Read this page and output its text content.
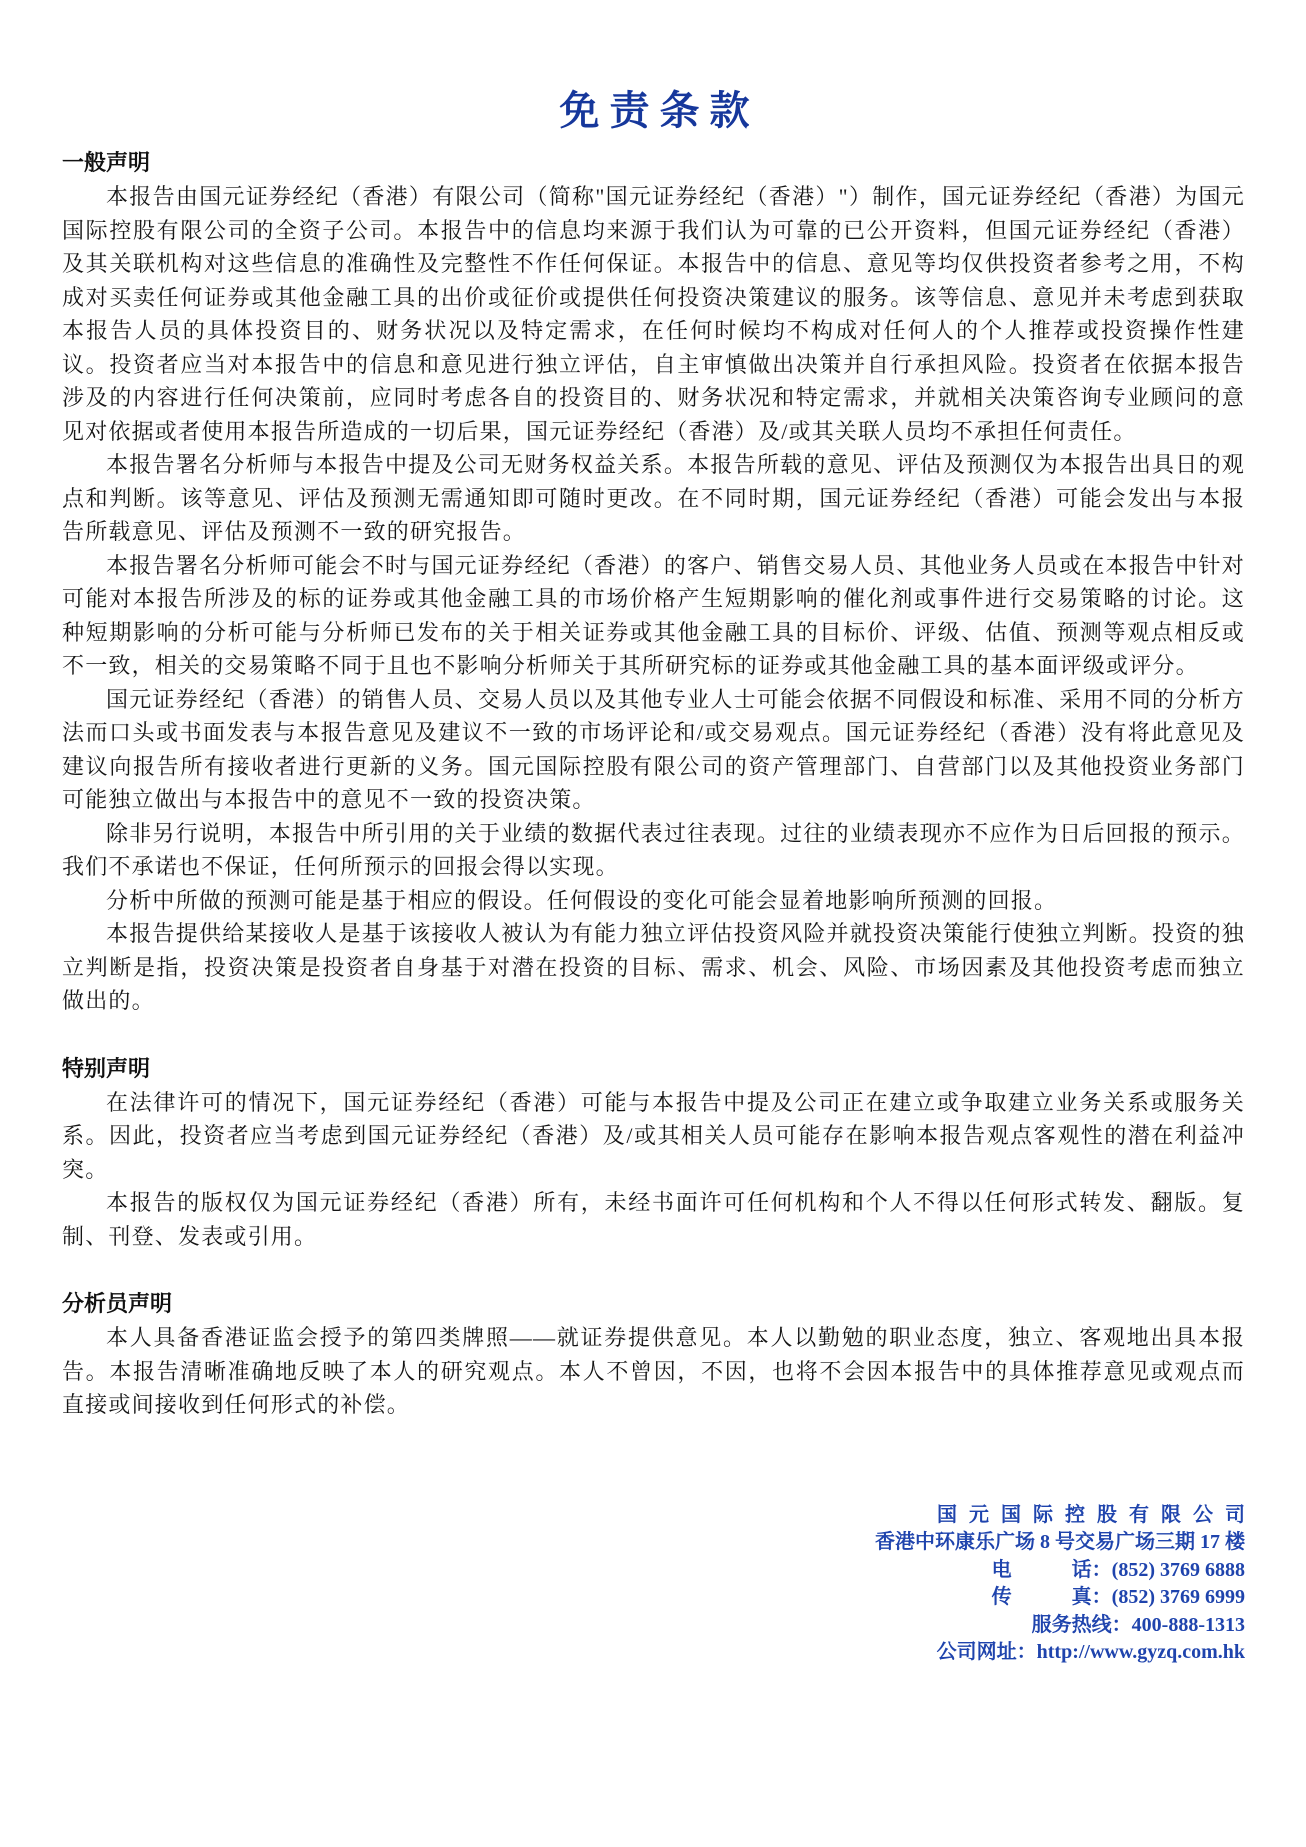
免责条款
一般声明

本报告由国元证券经纪（香港）有限公司（简称"国元证券经纪（香港）"）制作，国元证券经纪（香港）为国元国际控股有限公司的全资子公司。本报告中的信息均来源于我们认为可靠的已公开资料，但国元证券经纪（香港）及其关联机构对这些信息的准确性及完整性不作任何保证。本报告中的信息、意见等均仅供投资者参考之用，不构成对买卖任何证券或其他金融工具的出价或征价或提供任何投资决策建议的服务。该等信息、意见并未考虑到获取本报告人员的具体投资目的、财务状况以及特定需求，在任何时候均不构成对任何人的个人推荐或投资操作性建议。投资者应当对本报告中的信息和意见进行独立评估，自主审慎做出决策并自行承担风险。投资者在依据本报告涉及的内容进行任何决策前，应同时考虑各自的投资目的、财务状况和特定需求，并就相关决策咨询专业顾问的意见对依据或者使用本报告所造成的一切后果，国元证券经纪（香港）及/或其关联人员均不承担任何责任。

本报告署名分析师与本报告中提及公司无财务权益关系。本报告所载的意见、评估及预测仅为本报告出具日的观点和判断。该等意见、评估及预测无需通知即可随时更改。在不同时期，国元证券经纪（香港）可能会发出与本报告所载意见、评估及预测不一致的研究报告。

本报告署名分析师可能会不时与国元证券经纪（香港）的客户、销售交易人员、其他业务人员或在本报告中针对可能对本报告所涉及的标的证券或其他金融工具的市场价格产生短期影响的催化剂或事件进行交易策略的讨论。这种短期影响的分析可能与分析师已发布的关于相关证券或其他金融工具的目标价、评级、估值、预测等观点相反或不一致，相关的交易策略不同于且也不影响分析师关于其所研究标的证券或其他金融工具的基本面评级或评分。

国元证券经纪（香港）的销售人员、交易人员以及其他专业人士可能会依据不同假设和标准、采用不同的分析方法而口头或书面发表与本报告意见及建议不一致的市场评论和/或交易观点。国元证券经纪（香港）没有将此意见及建议向报告所有接收者进行更新的义务。国元国际控股有限公司的资产管理部门、自营部门以及其他投资业务部门可能独立做出与本报告中的意见不一致的投资决策。

除非另行说明，本报告中所引用的关于业绩的数据代表过往表现。过往的业绩表现亦不应作为日后回报的预示。我们不承诺也不保证，任何所预示的回报会得以实现。

分析中所做的预测可能是基于相应的假设。任何假设的变化可能会显着地影响所预测的回报。

本报告提供给某接收人是基于该接收人被认为有能力独立评估投资风险并就投资决策能行使独立判断。投资的独立判断是指，投资决策是投资者自身基于对潜在投资的目标、需求、机会、风险、市场因素及其他投资考虑而独立做出的。

特别声明

在法律许可的情况下，国元证券经纪（香港）可能与本报告中提及公司正在建立或争取建立业务关系或服务关系。因此，投资者应当考虑到国元证券经纪（香港）及/或其相关人员可能存在影响本报告观点客观性的潜在利益冲突。

本报告的版权仅为国元证券经纪（香港）所有，未经书面许可任何机构和个人不得以任何形式转发、翻版。复制、刊登、发表或引用。

分析员声明

本人具备香港证监会授予的第四类牌照——就证券提供意见。本人以勤勉的职业态度，独立、客观地出具本报告。本报告清晰准确地反映了本人的研究观点。本人不曾因，不因，也将不会因本报告中的具体推荐意见或观点而直接或间接收到任何形式的补偿。

国元国际控股有限公司
香港中环康乐广场 8 号交易广场三期 17 楼
电　　　话：(852) 3769 6888
传　　　真：(852) 3769 6999
服务热线：400-888-1313
公司网址：http://www.gyzq.com.hk
